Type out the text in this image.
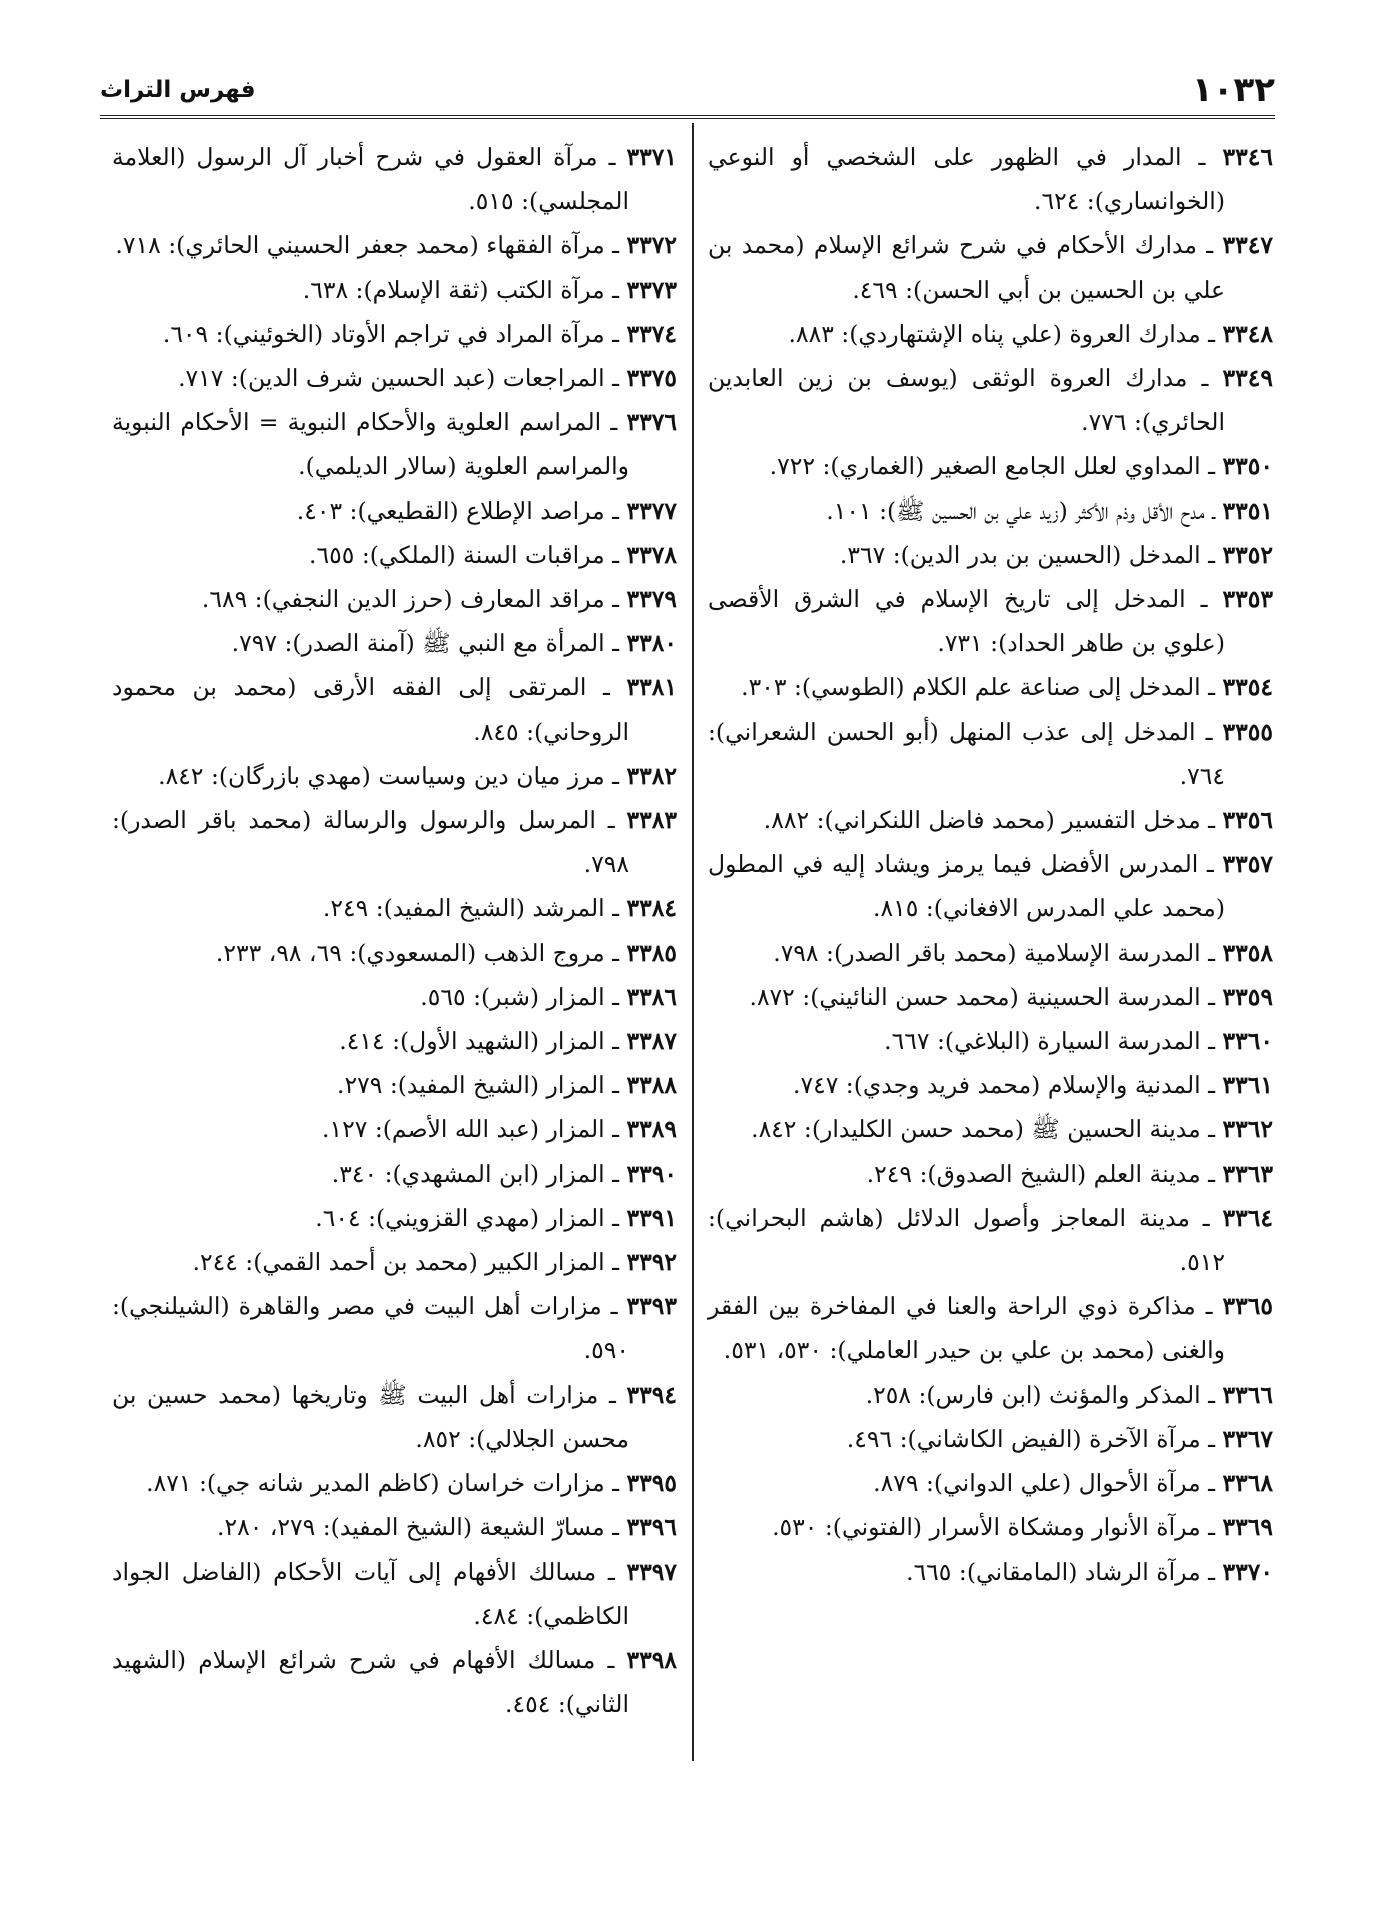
١٠٣٢
فهرس التراث
٣٣٤٦ ـ المدار في الظهور على الشخصي أو النوعي (الخوانساري): ٦٢٤.
٣٣٤٧ ـ مدارك الأحكام في شرح شرائع الإسلام (محمد بن علي بن الحسين بن أبي الحسن): ٤٦٩.
٣٣٤٨ ـ مدارك العروة (علي پناه الإشتهاردي): ٨٨٣.
٣٣٤٩ ـ مدارك العروة الوثقى (يوسف بن زين العابدين الحائري): ٧٧٦.
٣٣٥٠ ـ المداوي لعلل الجامع الصغير (الغماري): ٧٢٢.
٣٣٥١ ـ مدح الأقل وذم الأكثر (زيد علي بن الحسين ﷺ): ١٠١.
٣٣٥٢ ـ المدخل (الحسين بن بدر الدين): ٣٦٧.
٣٣٥٣ ـ المدخل إلى تاريخ الإسلام في الشرق الأقصى (علوي بن طاهر الحداد): ٧٣١.
٣٣٥٤ ـ المدخل إلى صناعة علم الكلام (الطوسي): ٣٠٣.
٣٣٥٥ ـ المدخل إلى عذب المنهل (أبو الحسن الشعراني): ٧٦٤.
٣٣٥٦ ـ مدخل التفسير (محمد فاضل اللنكراني): ٨٨٢.
٣٣٥٧ ـ المدرس الأفضل فيما يرمز ويشاد إليه في المطول (محمد علي المدرس الافغاني): ٨١٥.
٣٣٥٨ ـ المدرسة الإسلامية (محمد باقر الصدر): ٧٩٨.
٣٣٥٩ ـ المدرسة الحسينية (محمد حسن النائيني): ٨٧٢.
٣٣٦٠ ـ المدرسة السيارة (البلاغي): ٦٦٧.
٣٣٦١ ـ المدنية والإسلام (محمد فريد وجدي): ٧٤٧.
٣٣٦٢ ـ مدينة الحسين ﷺ (محمد حسن الكليدار): ٨٤٢.
٣٣٦٣ ـ مدينة العلم (الشيخ الصدوق): ٢٤٩.
٣٣٦٤ ـ مدينة المعاجز وأصول الدلائل (هاشم البحراني): ٥١٢.
٣٣٦٥ ـ مذاكرة ذوي الراحة والعنا في المفاخرة بين الفقر والغنى (محمد بن علي بن حيدر العاملي): ٥٣٠، ٥٣١.
٣٣٦٦ ـ المذكر والمؤنث (ابن فارس): ٢٥٨.
٣٣٦٧ ـ مرآة الآخرة (الفيض الكاشاني): ٤٩٦.
٣٣٦٨ ـ مرآة الأحوال (علي الدواني): ٨٧٩.
٣٣٦٩ ـ مرآة الأنوار ومشكاة الأسرار (الفتوني): ٥٣٠.
٣٣٧٠ ـ مرآة الرشاد (المامقاني): ٦٦٥.
٣٣٧١ ـ مرآة العقول في شرح أخبار آل الرسول (العلامة المجلسي): ٥١٥.
٣٣٧٢ ـ مرآة الفقهاء (محمد جعفر الحسيني الحائري): ٧١٨.
٣٣٧٣ ـ مرآة الكتب (ثقة الإسلام): ٦٣٨.
٣٣٧٤ ـ مرآة المراد في تراجم الأوتاد (الخوئيني): ٦٠٩.
٣٣٧٥ ـ المراجعات (عبد الحسين شرف الدين): ٧١٧.
٣٣٧٦ ـ المراسم العلوية والأحكام النبوية = الأحكام النبوية والمراسم العلوية (سالار الديلمي).
٣٣٧٧ ـ مراصد الإطلاع (القطيعي): ٤٠٣.
٣٣٧٨ ـ مراقبات السنة (الملكي): ٦٥٥.
٣٣٧٩ ـ مراقد المعارف (حرز الدين النجفي): ٦٨٩.
٣٣٨٠ ـ المرأة مع النبي ﷺ (آمنة الصدر): ٧٩٧.
٣٣٨١ ـ المرتقى إلى الفقه الأرقى (محمد بن محمود الروحاني): ٨٤٥.
٣٣٨٢ ـ مرز ميان دين وسياست (مهدي بازرگان): ٨٤٢.
٣٣٨٣ ـ المرسل والرسول والرسالة (محمد باقر الصدر): ٧٩٨.
٣٣٨٤ ـ المرشد (الشيخ المفيد): ٢٤٩.
٣٣٨٥ ـ مروج الذهب (المسعودي): ٦٩، ٩٨، ٢٣٣.
٣٣٨٦ ـ المزار (شبر): ٥٦٥.
٣٣٨٧ ـ المزار (الشهيد الأول): ٤١٤.
٣٣٨٨ ـ المزار (الشيخ المفيد): ٢٧٩.
٣٣٨٩ ـ المزار (عبد الله الأصم): ١٢٧.
٣٣٩٠ ـ المزار (ابن المشهدي): ٣٤٠.
٣٣٩١ ـ المزار (مهدي القزويني): ٦٠٤.
٣٣٩٢ ـ المزار الكبير (محمد بن أحمد القمي): ٢٤٤.
٣٣٩٣ ـ مزارات أهل البيت في مصر والقاهرة (الشيلنجي): ٥٩٠.
٣٣٩٤ ـ مزارات أهل البيت ﷺ وتاريخها (محمد حسين بن محسن الجلالي): ٨٥٢.
٣٣٩٥ ـ مزارات خراسان (كاظم المدير شانه جي): ٨٧١.
٣٣٩٦ ـ مسارّ الشيعة (الشيخ المفيد): ٢٧٩، ٢٨٠.
٣٣٩٧ ـ مسالك الأفهام إلى آيات الأحكام (الفاضل الجواد الكاظمي): ٤٨٤.
٣٣٩٨ ـ مسالك الأفهام في شرح شرائع الإسلام (الشهيد الثاني): ٤٥٤.
